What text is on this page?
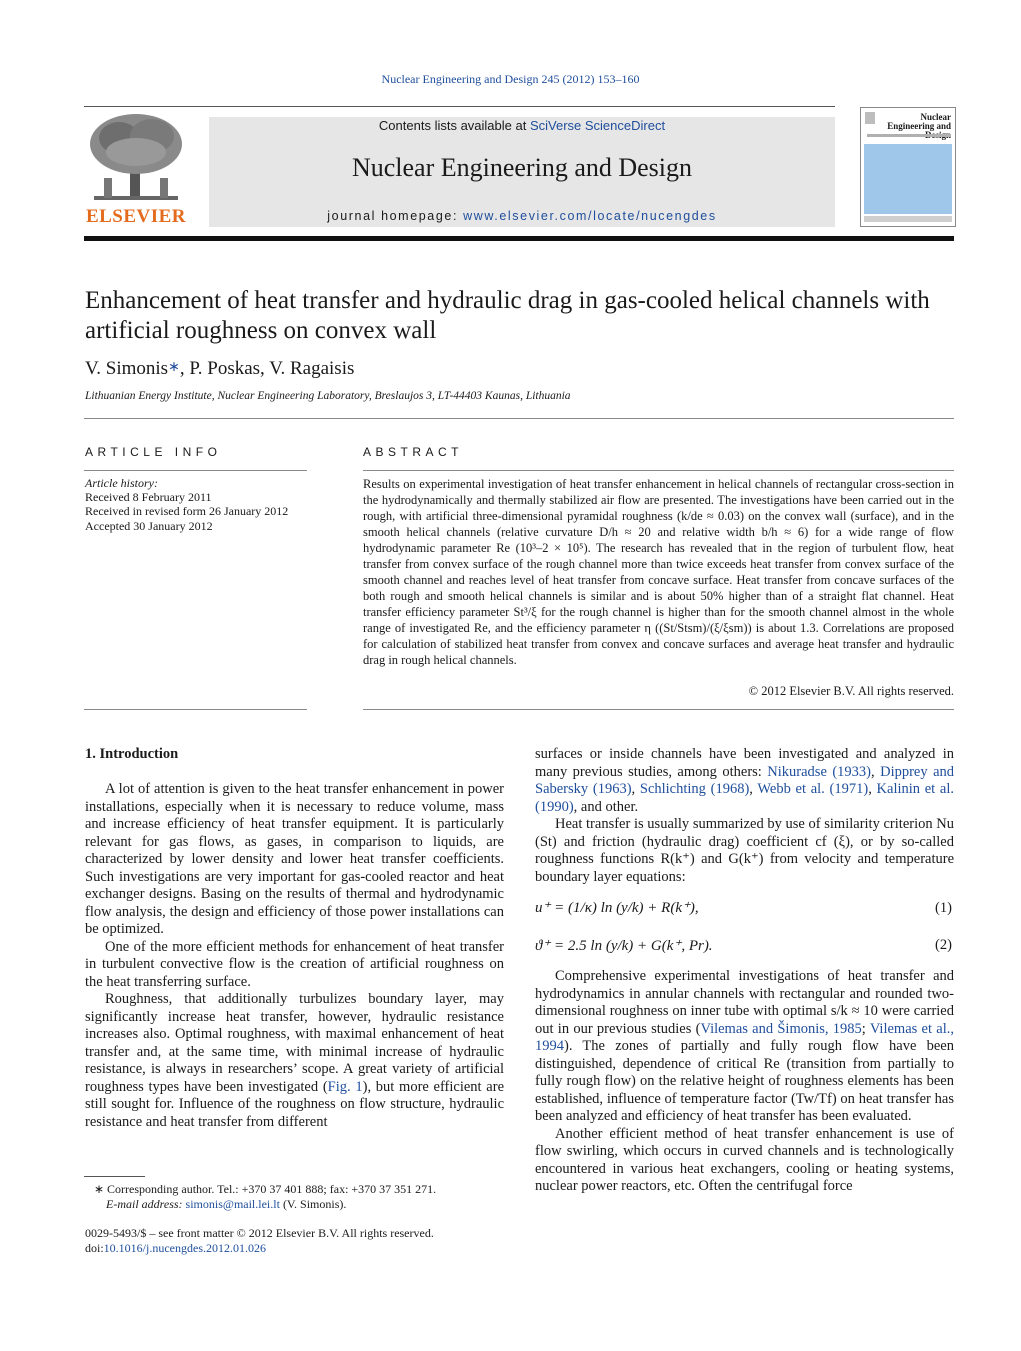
Nuclear Engineering and Design 245 (2012) 153–160
ELSEVIER
Contents lists available at SciVerse ScienceDirect
Nuclear Engineering and Design
journal homepage: www.elsevier.com/locate/nucengdes
Nuclear Engineering and
Enhancement of heat transfer and hydraulic drag in gas-cooled helical channels with artificial roughness on convex wall
V. Simonis∗, P. Poskas, V. Ragaisis
Lithuanian Energy Institute, Nuclear Engineering Laboratory, Breslaujos 3, LT-44403 Kaunas, Lithuania
ARTICLE INFO
Article history:
Received 8 February 2011
Received in revised form 26 January 2012
Accepted 30 January 2012
ABSTRACT
Results on experimental investigation of heat transfer enhancement in helical channels of rectangular cross-section in the hydrodynamically and thermally stabilized air flow are presented. The investigations have been carried out in the rough, with artificial three-dimensional pyramidal roughness (k/de ≈ 0.03) on the convex wall (surface), and in the smooth helical channels (relative curvature D/h ≈ 20 and relative width b/h ≈ 6) for a wide range of flow hydrodynamic parameter Re (10³–2 × 10⁵). The research has revealed that in the region of turbulent flow, heat transfer from convex surface of the rough channel more than twice exceeds heat transfer from convex surface of the smooth channel and reaches level of heat transfer from concave surface. Heat transfer from concave surfaces of the both rough and smooth helical channels is similar and is about 50% higher than of a straight flat channel. Heat transfer efficiency parameter St³/ξ for the rough channel is higher than for the smooth channel almost in the whole range of investigated Re, and the efficiency parameter η ((St/Stsm)/(ξ/ξsm)) is about 1.3. Correlations are proposed for calculation of stabilized heat transfer from convex and concave surfaces and average heat transfer and hydraulic drag in rough helical channels.
© 2012 Elsevier B.V. All rights reserved.
1. Introduction
A lot of attention is given to the heat transfer enhancement in power installations, especially when it is necessary to reduce volume, mass and increase efficiency of heat transfer equipment. It is particularly relevant for gas flows, as gases, in comparison to liquids, are characterized by lower density and lower heat transfer coefficients. Such investigations are very important for gas-cooled reactor and heat exchanger designs. Basing on the results of thermal and hydrodynamic flow analysis, the design and efficiency of those power installations can be optimized.
One of the more efficient methods for enhancement of heat transfer in turbulent convective flow is the creation of artificial roughness on the heat transferring surface.
Roughness, that additionally turbulizes boundary layer, may significantly increase heat transfer, however, hydraulic resistance increases also. Optimal roughness, with maximal enhancement of heat transfer and, at the same time, with minimal increase of hydraulic resistance, is always in researchers’ scope. A great variety of artificial roughness types have been investigated (Fig. 1), but more efficient are still sought for. Influence of the roughness on flow structure, hydraulic resistance and heat transfer from different
surfaces or inside channels have been investigated and analyzed in many previous studies, among others: Nikuradse (1933), Dipprey and Sabersky (1963), Schlichting (1968), Webb et al. (1971), Kalinin et al. (1990), and other.
Heat transfer is usually summarized by use of similarity criterion Nu (St) and friction (hydraulic drag) coefficient cf (ξ), or by so-called roughness functions R(k⁺) and G(k⁺) from velocity and temperature boundary layer equations:
u⁺ = (1/κ) ln (y/k) + R(k⁺),	(1)
ϑ⁺ = 2.5 ln (y/k) + G(k⁺, Pr).	(2)
Comprehensive experimental investigations of heat transfer and hydrodynamics in annular channels with rectangular and rounded two-dimensional roughness on inner tube with optimal s/k ≈ 10 were carried out in our previous studies (Vilemas and Šimonis, 1985; Vilemas et al., 1994). The zones of partially and fully rough flow have been distinguished, dependence of critical Re (transition from partially to fully rough flow) on the relative height of roughness elements has been established, influence of temperature factor (Tw/Tf) on heat transfer has been analyzed and efficiency of heat transfer has been evaluated.
Another efficient method of heat transfer enhancement is use of flow swirling, which occurs in curved channels and is technologically encountered in various heat exchangers, cooling or heating systems, nuclear power reactors, etc. Often the centrifugal force
∗ Corresponding author. Tel.: +370 37 401 888; fax: +370 37 351 271.
E-mail address: simonis@mail.lei.lt (V. Simonis).
0029-5493/$ – see front matter © 2012 Elsevier B.V. All rights reserved.
doi:10.1016/j.nucengdes.2012.01.026
